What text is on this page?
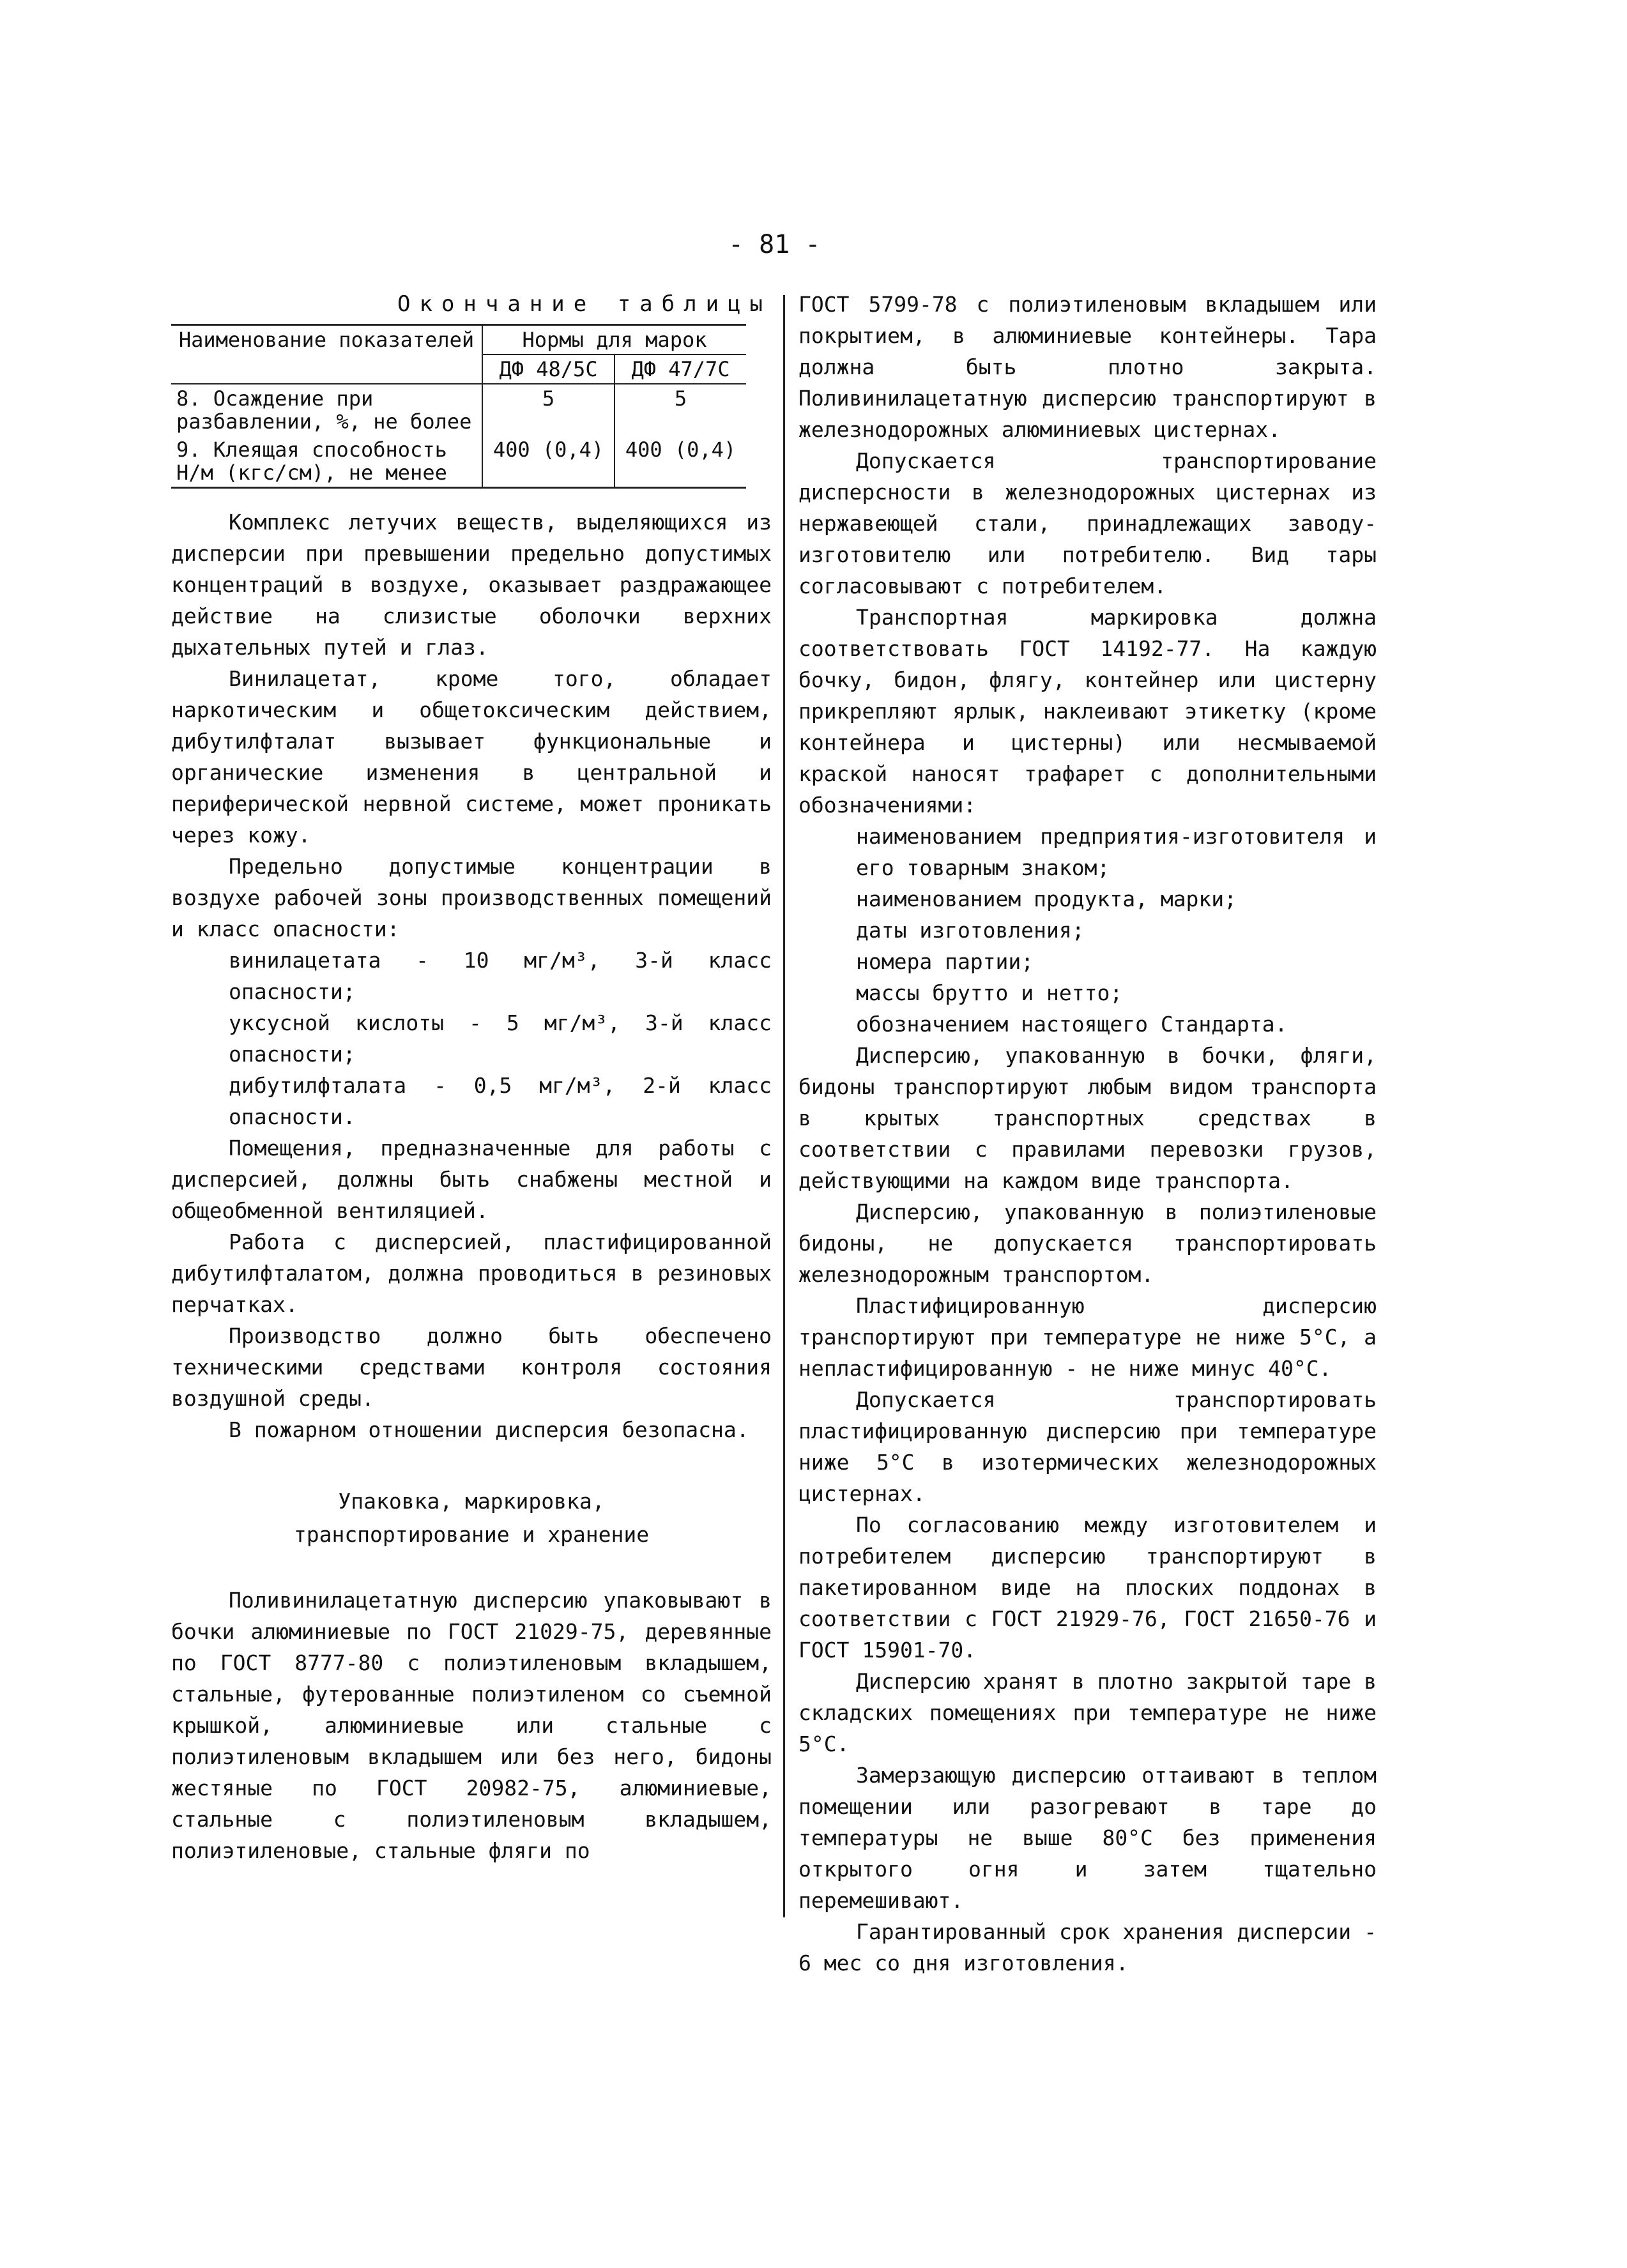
- 81 -
Окончание таблицы
Наименование показателей	Нормы для марок	
	ДФ 48/5С	ДФ 47/7С
8. Осаждение при разбавлении, %, не более	5	5
9. Клеящая способность Н/м (кгс/см), не менее	400 (0,4)	400 (0,4)

Комплекс летучих веществ, выделяющихся из дисперсии при превышении предельно допустимых концентраций в воздухе, оказывает раздражающее действие на слизистые оболочки верхних дыхательных путей и глаз.

Винилацетат, кроме того, обладает наркотическим и общетоксическим действием, дибутилфталат вызывает функциональные и органические изменения в центральной и периферической нервной системе, может проникать через кожу.

Предельно допустимые концентрации в воздухе рабочей зоны производственных помещений и класс опасности:

винилацетата - 10 мг/м³, 3-й класс опасности;

уксусной кислоты - 5 мг/м³, 3-й класс опасности;

дибутилфталата - 0,5 мг/м³, 2-й класс опасности.

Помещения, предназначенные для работы с дисперсией, должны быть снабжены местной и общеобменной вентиляцией.

Работа с дисперсией, пластифицированной дибутилфталатом, должна проводиться в резиновых перчатках.

Производство должно быть обеспечено техническими средствами контроля состояния воздушной среды.

В пожарном отношении дисперсия безопасна.

Упаковка, маркировка,
транспортирование и хранение

Поливинилацетатную дисперсию упаковывают в бочки алюминиевые по ГОСТ 21029-75, деревянные по ГОСТ 8777-80 с полиэтиленовым вкладышем, стальные, футерованные полиэтиленом со съемной крышкой, алюминиевые или стальные с полиэтиленовым вкладышем или без него, бидоны жестяные по ГОСТ 20982-75, алюминиевые, стальные с полиэтиленовым вкладышем, полиэтиленовые, стальные фляги по

ГОСТ 5799-78 с полиэтиленовым вкладышем или покрытием, в алюминиевые контейнеры. Тара должна быть плотно закрыта. Поливинилацетатную дисперсию транспортируют в железнодорожных алюминиевых цистернах.

Допускается транспортирование дисперсности в железнодорожных цистернах из нержавеющей стали, принадлежащих заводу-изготовителю или потребителю. Вид тары согласовывают с потребителем.

Транспортная маркировка должна соответствовать ГОСТ 14192-77. На каждую бочку, бидон, флягу, контейнер или цистерну прикрепляют ярлык, наклеивают этикетку (кроме контейнера и цистерны) или несмываемой краской наносят трафарет с дополнительными обозначениями:

наименованием предприятия-изготовителя и его товарным знаком;

наименованием продукта, марки;

даты изготовления;

номера партии;

массы брутто и нетто;

обозначением настоящего Стандарта.

Дисперсию, упакованную в бочки, фляги, бидоны транспортируют любым видом транспорта в крытых транспортных средствах в соответствии с правилами перевозки грузов, действующими на каждом виде транспорта.

Дисперсию, упакованную в полиэтиленовые бидоны, не допускается транспортировать железнодорожным транспортом.

Пластифицированную дисперсию транспортируют при температуре не ниже 5°С, а непластифицированную - не ниже минус 40°С.

Допускается транспортировать пластифицированную дисперсию при температуре ниже 5°С в изотермических железнодорожных цистернах.

По согласованию между изготовителем и потребителем дисперсию транспортируют в пакетированном виде на плоских поддонах в соответствии с ГОСТ 21929-76, ГОСТ 21650-76 и ГОСТ 15901-70.

Дисперсию хранят в плотно закрытой таре в складских помещениях при температуре не ниже 5°С.

Замерзающую дисперсию оттаивают в теплом помещении или разогревают в таре до температуры не выше 80°С без применения открытого огня и затем тщательно перемешивают.

Гарантированный срок хранения дисперсии - 6 мес со дня изготовления.
